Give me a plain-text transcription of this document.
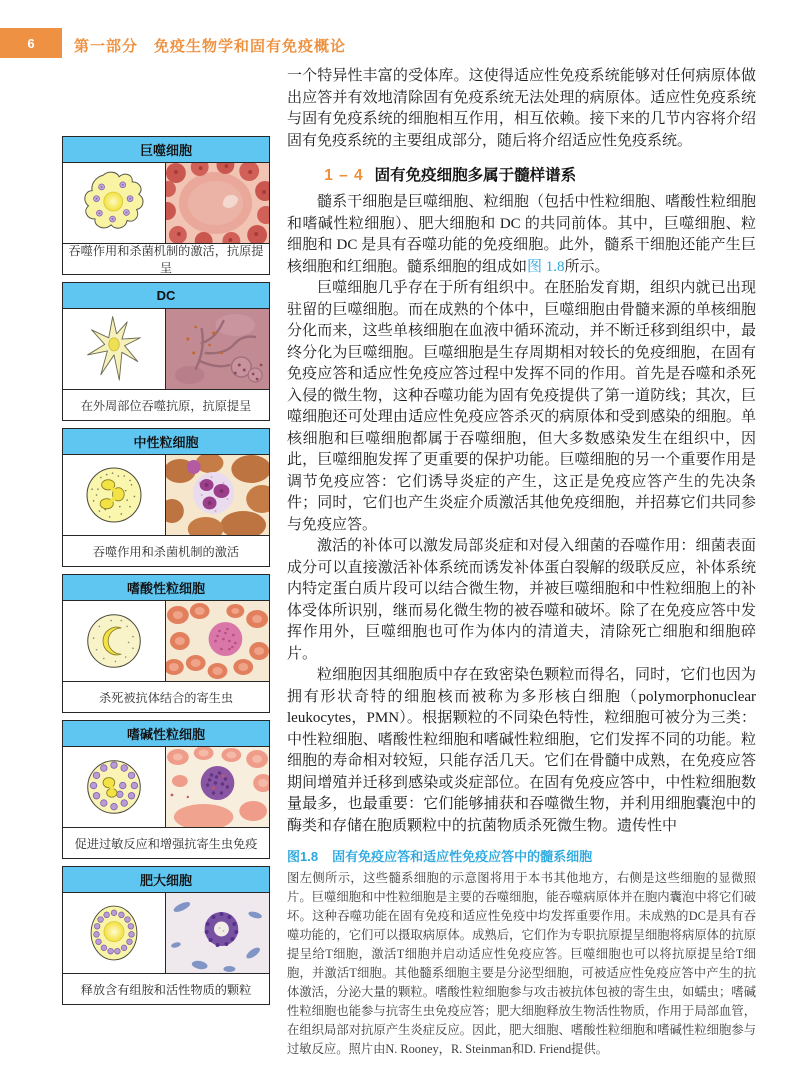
6	第一部分　免疫生物学和固有免疫概论
巨噬细胞
吞噬作用和杀菌机制的激活，抗原提呈
DC
在外周部位吞噬抗原，抗原提呈
中性粒细胞
吞噬作用和杀菌机制的激活
嗜酸性粒细胞
杀死被抗体结合的寄生虫
嗜碱性粒细胞
促进过敏反应和增强抗寄生虫免疫
肥大细胞
释放含有组胺和活性物质的颗粒

一个特异性丰富的受体库。这使得适应性免疫系统能够对任何病原体做出应答并有效地清除固有免疫系统无法处理的病原体。适应性免疫系统与固有免疫系统的细胞相互作用，相互依赖。接下来的几节内容将介绍固有免疫系统的主要组成部分，随后将介绍适应性免疫系统。

1 – 4 固有免疫细胞多属于髓样谱系

髓系干细胞是巨噬细胞、粒细胞（包括中性粒细胞、嗜酸性粒细胞和嗜碱性粒细胞）、肥大细胞和 DC 的共同前体。其中，巨噬细胞、粒细胞和 DC 是具有吞噬功能的免疫细胞。此外，髓系干细胞还能产生巨核细胞和红细胞。髓系细胞的组成如图 1.8所示。

巨噬细胞几乎存在于所有组织中。在胚胎发育期，组织内就已出现驻留的巨噬细胞。而在成熟的个体中，巨噬细胞由骨髓来源的单核细胞分化而来，这些单核细胞在血液中循环流动，并不断迁移到组织中，最终分化为巨噬细胞。巨噬细胞是生存周期相对较长的免疫细胞，在固有免疫应答和适应性免疫应答过程中发挥不同的作用。首先是吞噬和杀死入侵的微生物，这种吞噬功能为固有免疫提供了第一道防线；其次，巨噬细胞还可处理由适应性免疫应答杀灭的病原体和受到感染的细胞。单核细胞和巨噬细胞都属于吞噬细胞，但大多数感染发生在组织中，因此，巨噬细胞发挥了更重要的保护功能。巨噬细胞的另一个重要作用是调节免疫应答：它们诱导炎症的产生，这正是免疫应答产生的先决条件；同时，它们也产生炎症介质激活其他免疫细胞，并招募它们共同参与免疫应答。

激活的补体可以激发局部炎症和对侵入细菌的吞噬作用：细菌表面成分可以直接激活补体系统而诱发补体蛋白裂解的级联反应，补体系统内特定蛋白质片段可以结合微生物，并被巨噬细胞和中性粒细胞上的补体受体所识别，继而易化微生物的被吞噬和破坏。除了在免疫应答中发挥作用外，巨噬细胞也可作为体内的清道夫，清除死亡细胞和细胞碎片。

粒细胞因其细胞质中存在致密染色颗粒而得名，同时，它们也因为拥有形状奇特的细胞核而被称为多形核白细胞（polymorphonuclear leukocytes，PMN）。根据颗粒的不同染色特性，粒细胞可被分为三类：中性粒细胞、嗜酸性粒细胞和嗜碱性粒细胞，它们发挥不同的功能。粒细胞的寿命相对较短，只能存活几天。它们在骨髓中成熟，在免疫应答期间增殖并迁移到感染或炎症部位。在固有免疫应答中，中性粒细胞数量最多，也最重要：它们能够捕获和吞噬微生物，并利用细胞囊泡中的酶类和存储在胞质颗粒中的抗菌物质杀死微生物。遗传性中

图1.8 固有免疫应答和适应性免疫应答中的髓系细胞

图左侧所示，这些髓系细胞的示意图将用于本书其他地方，右侧是这些细胞的显微照片。巨噬细胞和中性粒细胞是主要的吞噬细胞，能吞噬病原体并在胞内囊泡中将它们破坏。这种吞噬功能在固有免疫和适应性免疫中均发挥重要作用。未成熟的DC是具有吞噬功能的，它们可以摄取病原体。成熟后，它们作为专职抗原提呈细胞将病原体的抗原提呈给T细胞，激活T细胞并启动适应性免疫应答。巨噬细胞也可以将抗原提呈给T细胞，并激活T细胞。其他髓系细胞主要是分泌型细胞，可被适应性免疫应答中产生的抗体激活，分泌大量的颗粒。嗜酸性粒细胞参与攻击被抗体包被的寄生虫，如蠕虫；嗜碱性粒细胞也能参与抗寄生虫免疫应答；肥大细胞释放生物活性物质，作用于局部血管，在组织局部对抗原产生炎症反应。因此，肥大细胞、嗜酸性粒细胞和嗜碱性粒细胞参与过敏反应。照片由N. Rooney，R. Steinman和D. Friend提供。
